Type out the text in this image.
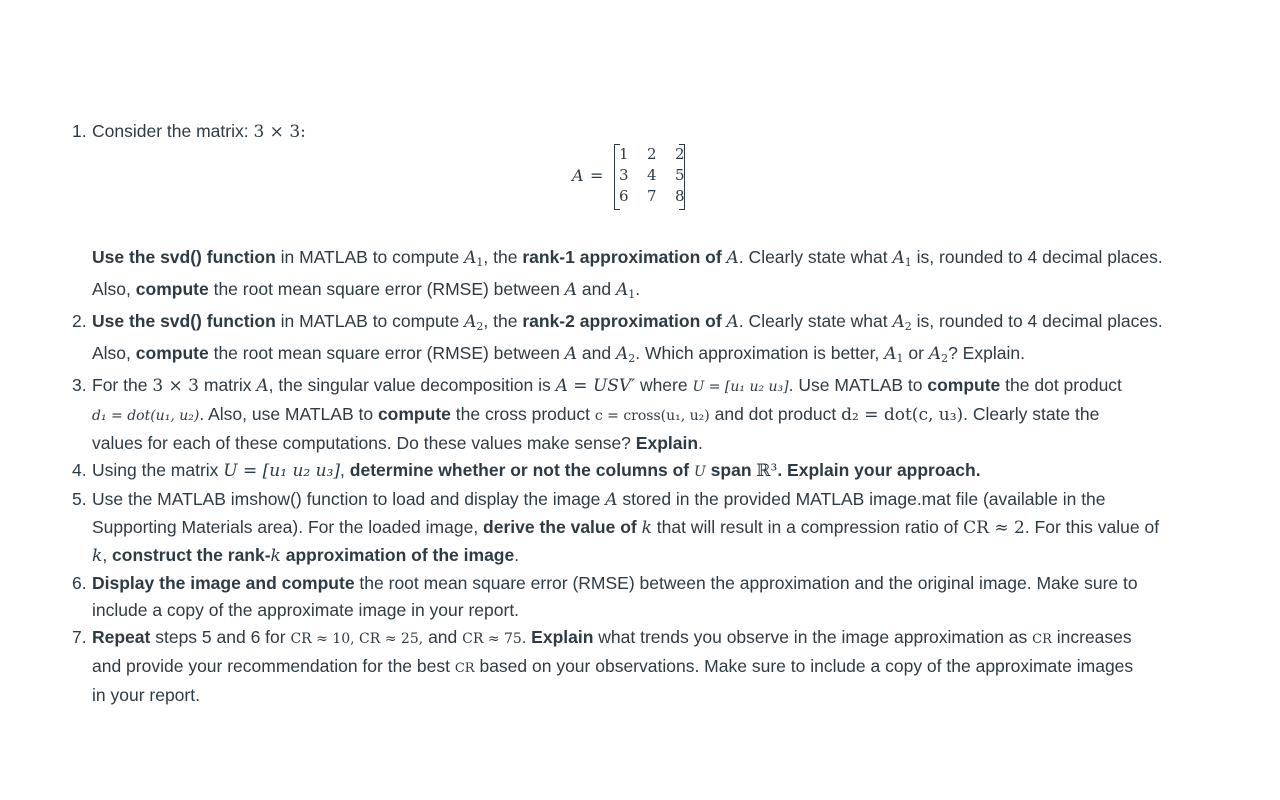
1. Consider the matrix: 3 × 3:
A =
1	2	2
3	4	5
6	7	8
Use the svd() function in MATLAB to compute $A_1$, the rank-1 approximation of A. Clearly state what $A_1$ is, rounded to 4 decimal places.
Also, compute the root mean square error (RMSE) between A and $A_1$.
2. Use the svd() function in MATLAB to compute $A_2$, the rank-2 approximation of A. Clearly state what $A_2$ is, rounded to 4 decimal places.
Also, compute the root mean square error (RMSE) between A and $A_2$. Which approximation is better, $A_1$ or $A_2$? Explain.
3. For the 3 × 3 matrix A, the singular value decomposition is A = USV′ where U = [u₁ u₂ u₃]. Use MATLAB to compute the dot product
d₁ = dot(u₁, u₂). Also, use MATLAB to compute the cross product c = cross(u₁, u₂) and dot product d₂ = dot(c, u₃). Clearly state the
values for each of these computations. Do these values make sense? Explain.
4. Using the matrix U = [u₁ u₂ u₃], determine whether or not the columns of U span ℝ³. Explain your approach.
5. Use the MATLAB imshow() function to load and display the image A stored in the provided MATLAB image.mat file (available in the
Supporting Materials area). For the loaded image, derive the value of k that will result in a compression ratio of CR ≈ 2. For this value of
k, construct the rank-k approximation of the image.
6. Display the image and compute the root mean square error (RMSE) between the approximation and the original image. Make sure to
include a copy of the approximate image in your report.
7. Repeat steps 5 and 6 for CR ≈ 10, CR ≈ 25, and CR ≈ 75. Explain what trends you observe in the image approximation as CR increases
and provide your recommendation for the best CR based on your observations. Make sure to include a copy of the approximate images
in your report.
